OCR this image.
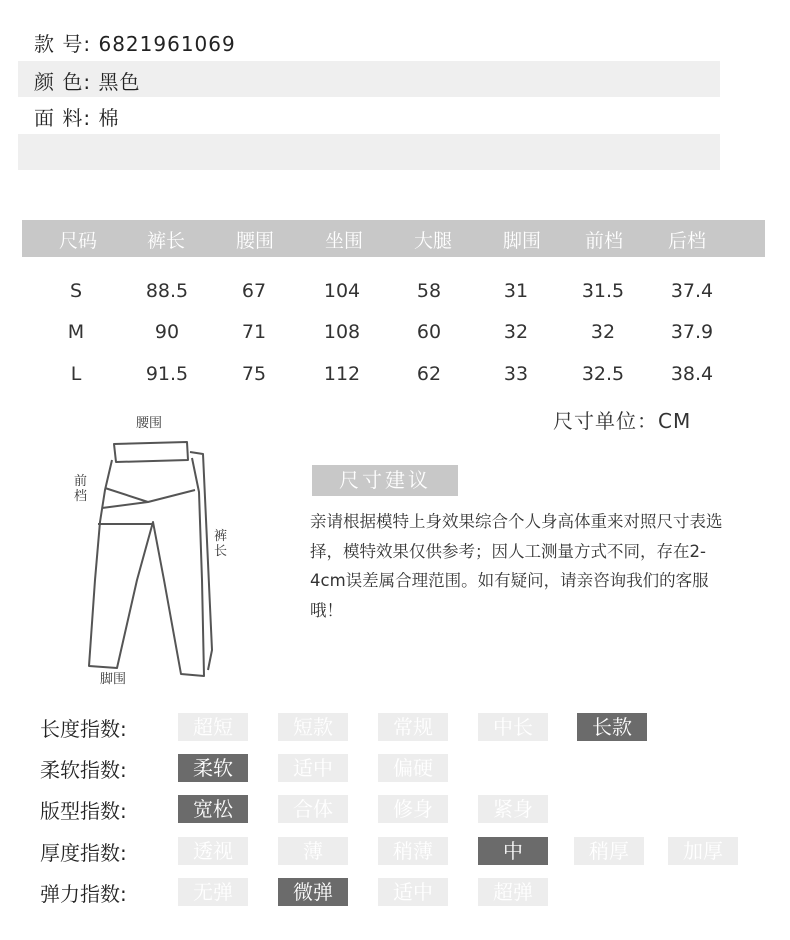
款 号: 6821961069
颜 色: 黑色
面 料: 棉
尺码	裤长	腰围	坐围	大腿	脚围	前档	后档
S	88.5	67	104	58	31	31.5	37.4
M	90	71	108	60	32	32	37.9
L	91.5	75	112	62	33	32.5	38.4
尺寸单位：CM
腰围
前
档
裤
长
脚围
尺寸建议
亲请根据模特上身效果综合个人身高体重来对照尺寸表选择，模特效果仅供参考；因人工测量方式不同，存在2-4cm误差属合理范围。如有疑问，请亲咨询我们的客服哦！
长度指数:	超短	短款	常规	中长	长款
柔软指数:	柔软	适中	偏硬
版型指数:	宽松	合体	修身	紧身
厚度指数:	透视	薄	稍薄	中	稍厚	加厚
弹力指数:	无弹	微弹	适中	超弹
